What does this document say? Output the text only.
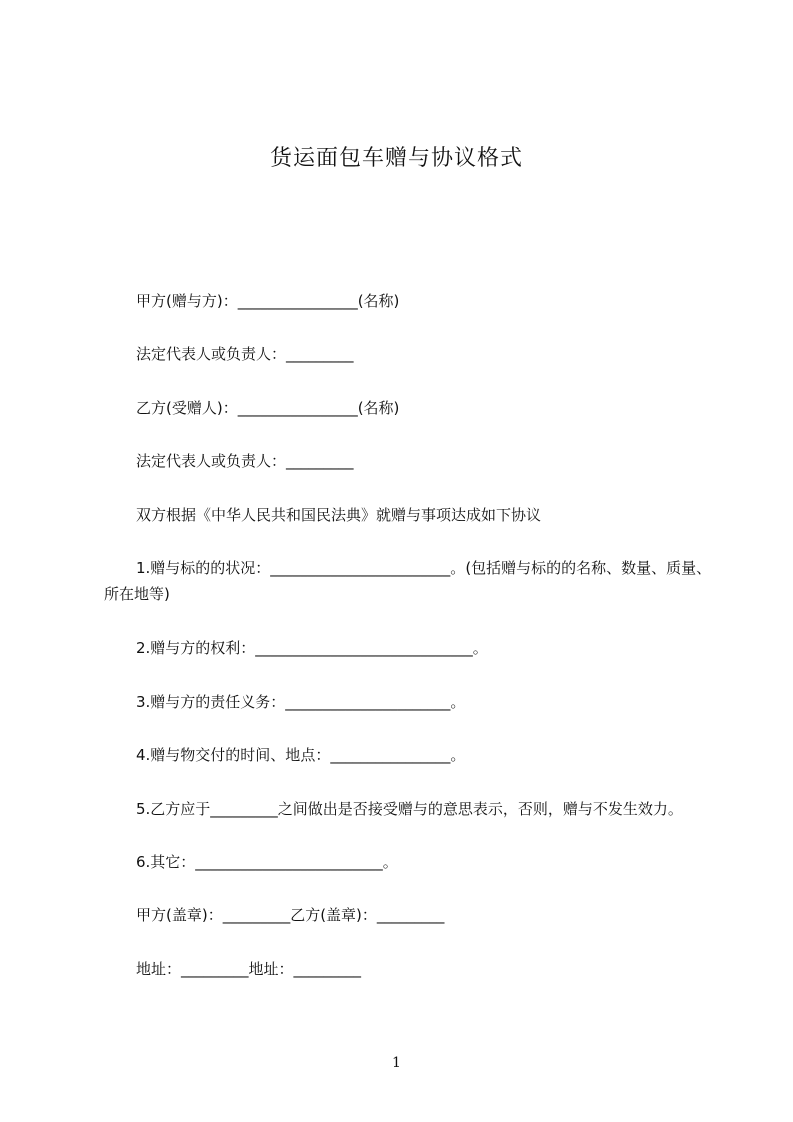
货运面包车赠与协议格式
甲方(赠与方)：________________(名称)
法定代表人或负责人：_________
乙方(受赠人)：________________(名称)
法定代表人或负责人：_________
双方根据《中华人民共和国民法典》就赠与事项达成如下协议
1.赠与标的的状况：________________________。(包括赠与标的的名称、数量、质量、所在地等)
2.赠与方的权利：_____________________________。
3.赠与方的责任义务：______________________。
4.赠与物交付的时间、地点：________________。
5.乙方应于_________之间做出是否接受赠与的意思表示，否则，赠与不发生效力。
6.其它：_________________________。
甲方(盖章)：_________乙方(盖章)：_________
地址：_________地址：_________
1
